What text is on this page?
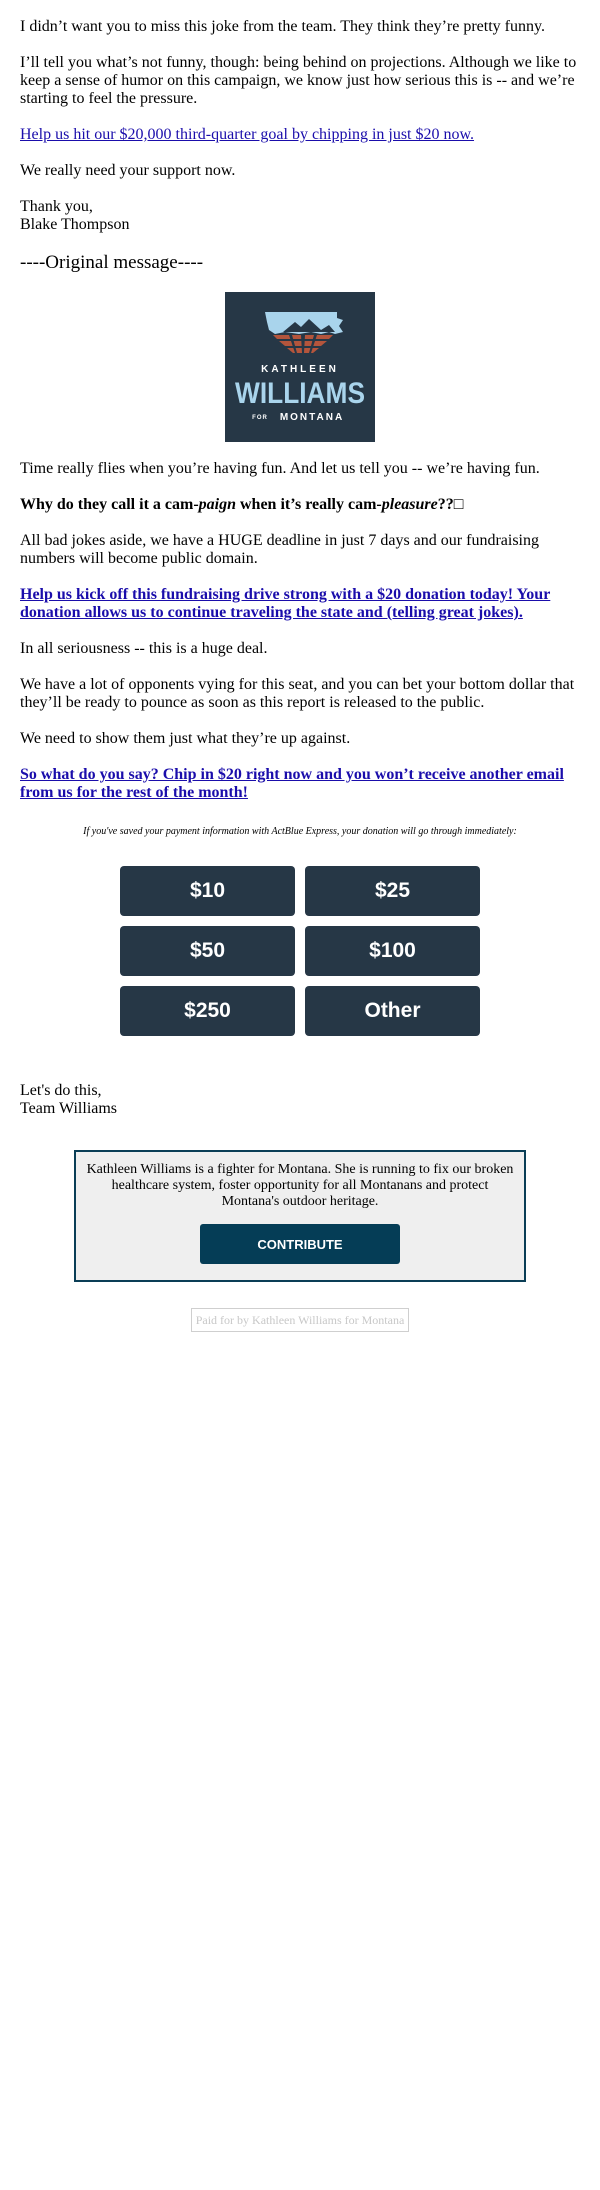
I didn’t want you to miss this joke from the team. They think they’re pretty funny.

I’ll tell you what’s not funny, though: being behind on projections. Although we like to keep a sense of humor on this campaign, we know just how serious this is -- and we’re starting to feel the pressure.

Help us hit our $20,000 third-quarter goal by chipping in just $20 now.

We really need your support now.

Thank you,

Blake Thompson

----Original message----

KATHLEEN
WILLIAMS
FOR MONTANA

Time really flies when you’re having fun. And let us tell you -- we’re having fun.

Why do they call it a cam-paign when it’s really cam-pleasure??□

All bad jokes aside, we have a HUGE deadline in just 7 days and our fundraising numbers will become public domain.

Help us kick off this fundraising drive strong with a $20 donation today! Your donation allows us to continue traveling the state and (telling great jokes).

In all seriousness -- this is a huge deal.

We have a lot of opponents vying for this seat, and you can bet your bottom dollar that they’ll be ready to pounce as soon as this report is released to the public.

We need to show them just what they’re up against.

So what do you say? Chip in $20 right now and you won’t receive another email from us for the rest of the month!

If you've saved your payment information with ActBlue Express, your donation will go through immediately:

$10	$25
$50	$100
$250	Other

Let's do this,

Team Williams

Kathleen Williams is a fighter for Montana. She is running to fix our broken healthcare system, foster opportunity for all Montanans and protect Montana's outdoor heritage.

CONTRIBUTE
Paid for by Kathleen Williams for Montana
